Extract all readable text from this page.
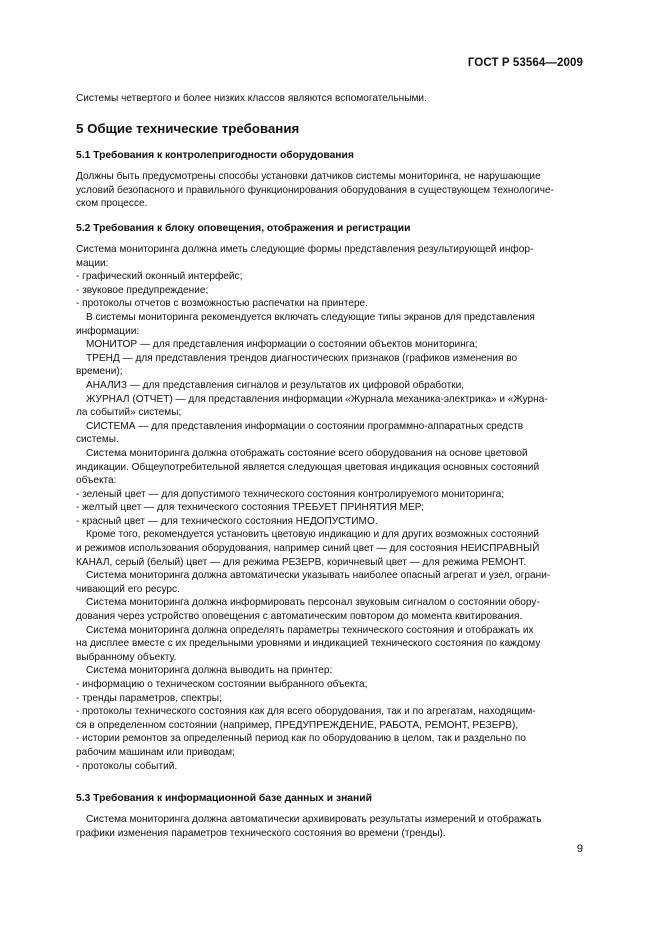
ГОСТ Р 53564—2009

Системы четвертого и более низких классов являются вспомогательными.

5 Общие технические требования

5.1 Требования к контролепригодности оборудования

Должны быть предусмотрены способы установки датчиков системы мониторинга, не нарушающие

условий безопасного и правильного функционирования оборудования в существующем технологиче-

ском процессе.

5.2 Требования к блоку оповещения, отображения и регистрации

Система мониторинга должна иметь следующие формы представления результирующей инфор-

мации:

- графический оконный интерфейс;

- звуковое предупреждение;

- протоколы отчетов с возможностью распечатки на принтере.

В системы мониторинга рекомендуется включать следующие типы экранов для представления

информации:

МОНИТОР — для представления информации о состоянии объектов мониторинга;

ТРЕНД — для представления трендов диагностических признаков (графиков изменения во

времени);

АНАЛИЗ — для представления сигналов и результатов их цифровой обработки,

ЖУРНАЛ (ОТЧЕТ) — для представления информации «Журнала механика-электрика» и «Журна-

ла событий» системы;

СИСТЕМА — для представления информации о состоянии программно-аппаратных средств

системы.

Система мониторинга должна отображать состояние всего оборудования на основе цветовой

индикации. Общеупотребительной является следующая цветовая индикация основных состояний

объекта:

- зеленый цвет — для допустимого технического состояния контролируемого мониторинга;

- желтый цвет — для технического состояния ТРЕБУЕТ ПРИНЯТИЯ МЕР;

- красный цвет — для технического состояния НЕДОПУСТИМО.

Кроме того, рекомендуется установить цветовую индикацию и для других возможных состояний

и режимов использования оборудования, например синий цвет — для состояния НЕИСПРАВНЫЙ

КАНАЛ, серый (белый) цвет — для режима РЕЗЕРВ, коричневый цвет — для режима РЕМОНТ.

Система мониторинга должна автоматически указывать наиболее опасный агрегат и узел, ограни-

чивающий его ресурс.

Система мониторинга должна информировать персонал звуковым сигналом о состоянии обору-

дования через устройство оповещения с автоматическим повтором до момента квитирования.

Система мониторинга должна определять параметры технического состояния и отображать их

на дисплее вместе с их предельными уровнями и индикацией технического состояния по каждому

выбранному объекту.

Система мониторинга должна выводить на принтер:

- информацию о техническом состоянии выбранного объекта;

- тренды параметров, спектры;

- протоколы технического состояния как для всего оборудования, так и по агрегатам, находящим-

ся в определенном состоянии (например, ПРЕДУПРЕЖДЕНИЕ, РАБОТА, РЕМОНТ, РЕЗЕРВ),

- истории ремонтов за определенный период как по оборудованию в целом, так и раздельно по

рабочим машинам или приводам;

- протоколы событий.

5.3 Требования к информационной базе данных и знаний

Система мониторинга должна автоматически архивировать результаты измерений и отображать

графики изменения параметров технического состояния во времени (тренды).

9
